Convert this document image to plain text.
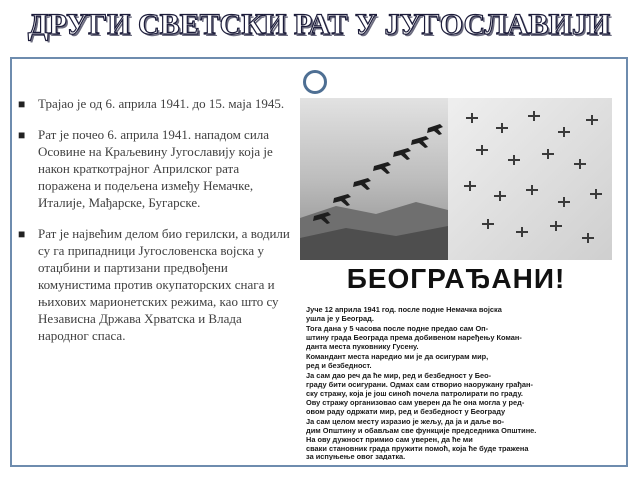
ДРУГИ СВЕТСКИ РАТ У ЈУГОСЛАВИЈИ
■ Трајао је од 6. априла 1941. до 15. маја 1945.
■ Рат је почео 6. априла 1941. нападом сила Осовине на Краљевину Југославију која је након краткотрајног Априлског рата поражена и подељена између Немачке, Италије, Мађарске, Бугарске.
■ Рат је највећим делом био герилски, а водили су га припадници Југословенска војска у отаџбини и партизани предвођени комунистима против окупаторских снага и њихових марионетских режима, као што су Независна Држава Хрватска и Влада народног спаса.
БЕОГРАЂАНИ!
Јуче 12 априла 1941 год. после подне Немачка војска
ушла је у Београд.
Тога дана у 5 часова после подне предао сам Оп-
штину града Београда према добивеном наређењу Коман-
данта места пуковнику Гусену.
Командант места наредио ми је да осигурам мир,
ред и безбедност.
Ја сам дао реч да ће мир, ред и безбедност у Бео-
граду бити осигурани. Одмах сам створио наоружану грађан-
ску стражу, која је још синоћ почела патролирати по граду.
Ову стражу организовао сам уверен да ће она могла у ред-
овом раду одржати мир, ред и безбедност у Београду
Ја сам целом месту изразио је жељу, да ја и даље во-
дим Општину и обављам све функције председника Општине.
На ову дужност примио сам уверен, да ће ми
сваки становник града пружити помоћ, која ће буде тражена
за испуњење овог задатка.
